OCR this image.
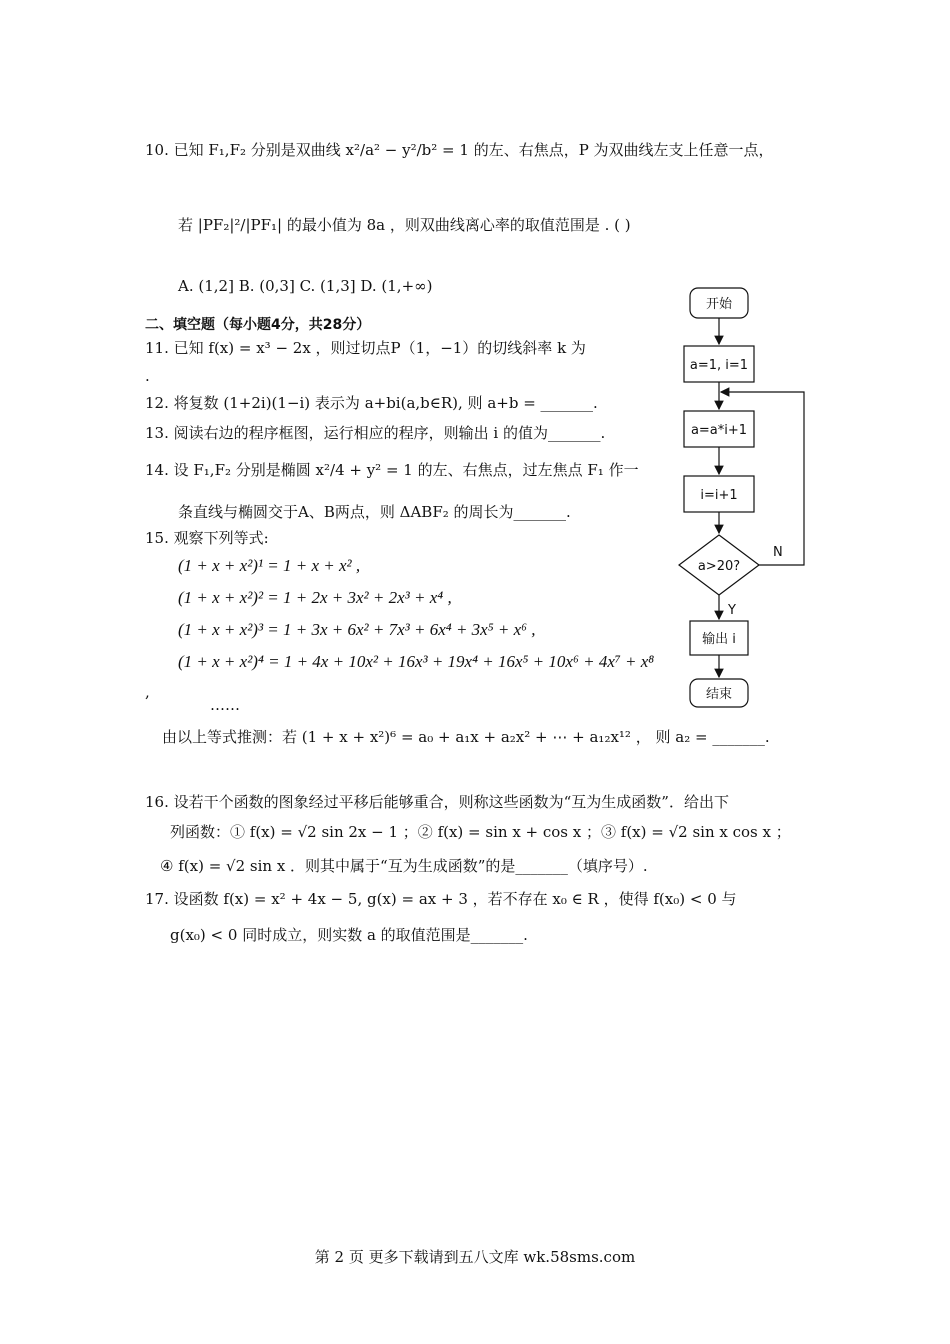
10. 已知 F₁,F₂ 分别是双曲线 x²/a² − y²/b² = 1 的左、右焦点，P 为双曲线左支上任意一点，
若 |PF₂|²/|PF₁| 的最小值为 8a ，则双曲线离心率的取值范围是 . ( )
A. (1,2] B. (0,3] C. (1,3] D. (1,+∞)
二、填空题（每小题4分，共28分）
11. 已知 f(x) = x³ − 2x ，则过切点P（1，−1）的切线斜率 k 为
.
12. 将复数 (1+2i)(1−i) 表示为 a+bi(a,b∈R), 则 a+b = _______.
13. 阅读右边的程序框图，运行相应的程序，则输出 i 的值为_______.
14. 设 F₁,F₂ 分别是椭圆 x²/4 + y² = 1 的左、右焦点，过左焦点 F₁ 作一
条直线与椭圆交于A、B两点，则 ΔABF₂ 的周长为_______.
15. 观察下列等式:
(1 + x + x²)¹ = 1 + x + x² ,
(1 + x + x²)² = 1 + 2x + 3x² + 2x³ + x⁴ ,
(1 + x + x²)³ = 1 + 3x + 6x² + 7x³ + 6x⁴ + 3x⁵ + x⁶ ,
(1 + x + x²)⁴ = 1 + 4x + 10x² + 16x³ + 19x⁴ + 16x⁵ + 10x⁶ + 4x⁷ + x⁸
,
……
由以上等式推测：若 (1 + x + x²)⁶ = a₀ + a₁x + a₂x² + ⋯ + a₁₂x¹² ， 则 a₂ = _______.
16. 设若干个函数的图象经过平移后能够重合，则称这些函数为“互为生成函数”．给出下
列函数：① f(x) = √2 sin 2x − 1 ；② f(x) = sin x + cos x ；③ f(x) = √2 sin x cos x ；
④ f(x) = √2 sin x ．则其中属于“互为生成函数”的是_______（填序号）.
17. 设函数 f(x) = x² + 4x − 5, g(x) = ax + 3 ，若不存在 x₀ ∈ R ，使得 f(x₀) < 0 与
g(x₀) < 0 同时成立，则实数 a 的取值范围是_______.
开始
a=1, i=1
a=a*i+1
i=i+1
a>20?
N
Y
输出 i
结束
第 2 页 更多下载请到五八文库 wk.58sms.com
